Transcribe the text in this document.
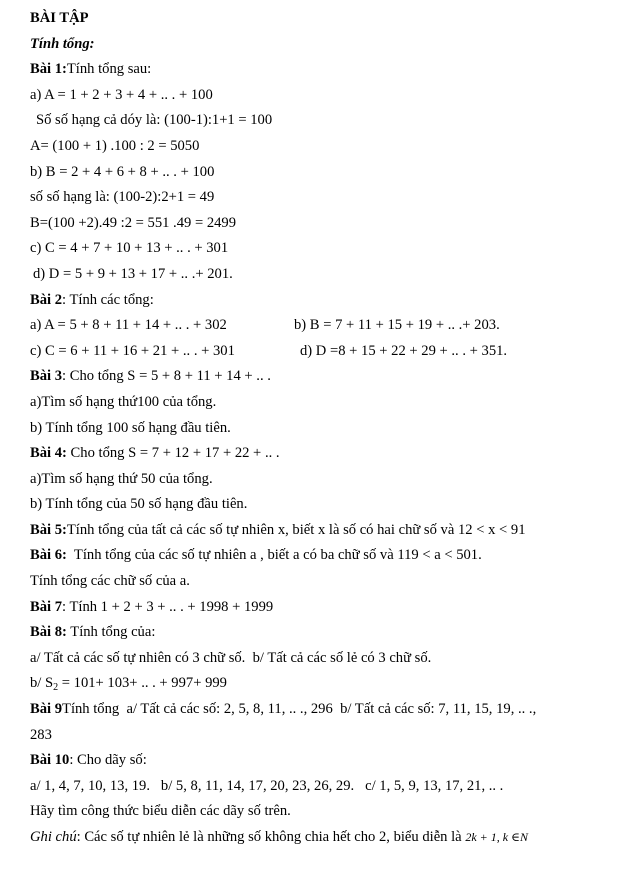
BÀI TẬP
Tính tổng:
Bài 1:Tính tổng sau:
a) A = 1 + 2 + 3 + 4 + .. . + 100
Số số hạng cả dóy là: (100-1):1+1 = 100
A= (100 + 1) .100 : 2 = 5050
b) B = 2 + 4 + 6 + 8 + .. . + 100
số số hạng là: (100-2):2+1 = 49
B=(100 +2).49 :2 = 551 .49 = 2499
c) C = 4 + 7 + 10 + 13 + .. . + 301
d) D = 5 + 9 + 13 + 17 + .. .+ 201.
Bài 2: Tính các tổng:
a) A = 5 + 8 + 11 + 14 + .. . + 302	b) B = 7 + 11 + 15 + 19 + .. .+ 203.
c) C = 6 + 11 + 16 + 21 + .. . + 301	d) D =8 + 15 + 22 + 29 + .. . + 351.
Bài 3: Cho tổng S = 5 + 8 + 11 + 14 + .. .
a)Tìm số hạng thứ100 của tổng.
b) Tính tổng 100 số hạng đầu tiên.
Bài 4: Cho tổng S = 7 + 12 + 17 + 22 + .. .
a)Tìm số hạng thứ 50 của tổng.
b) Tính tổng của 50 số hạng đầu tiên.
Bài 5:Tính tổng của tất cả các số tự nhiên x, biết x là số có hai chữ số và 12 < x < 91
Bài 6:  Tính tổng của các số tự nhiên a , biết a có ba chữ số và 119 < a < 501.
Tính tổng các chữ số của a.
Bài 7: Tính 1 + 2 + 3 + .. . + 1998 + 1999
Bài 8: Tính tổng của:
a/ Tất cả các số tự nhiên có 3 chữ số.  b/ Tất cả các số lẻ có 3 chữ số.
b/ $S_2 = 101+ 103+$ .. . + 997+ 999
Bài 9Tính tổng  a/ Tất cả các số: 2, 5, 8, 11, .. ., 296  b/ Tất cả các số: 7, 11, 15, 19, .. .,
283
Bài 10: Cho dãy số:
a/ 1, 4, 7, 10, 13, 19.   b/ 5, 8, 11, 14, 17, 20, 23, 26, 29.   c/ 1, 5, 9, 13, 17, 21, .. .
Hãy tìm công thức biểu diễn các dãy số trên.
Ghi chú: Các số tự nhiên lẻ là những số không chia hết cho 2, biểu diễn là 2k + 1, k ∈N
